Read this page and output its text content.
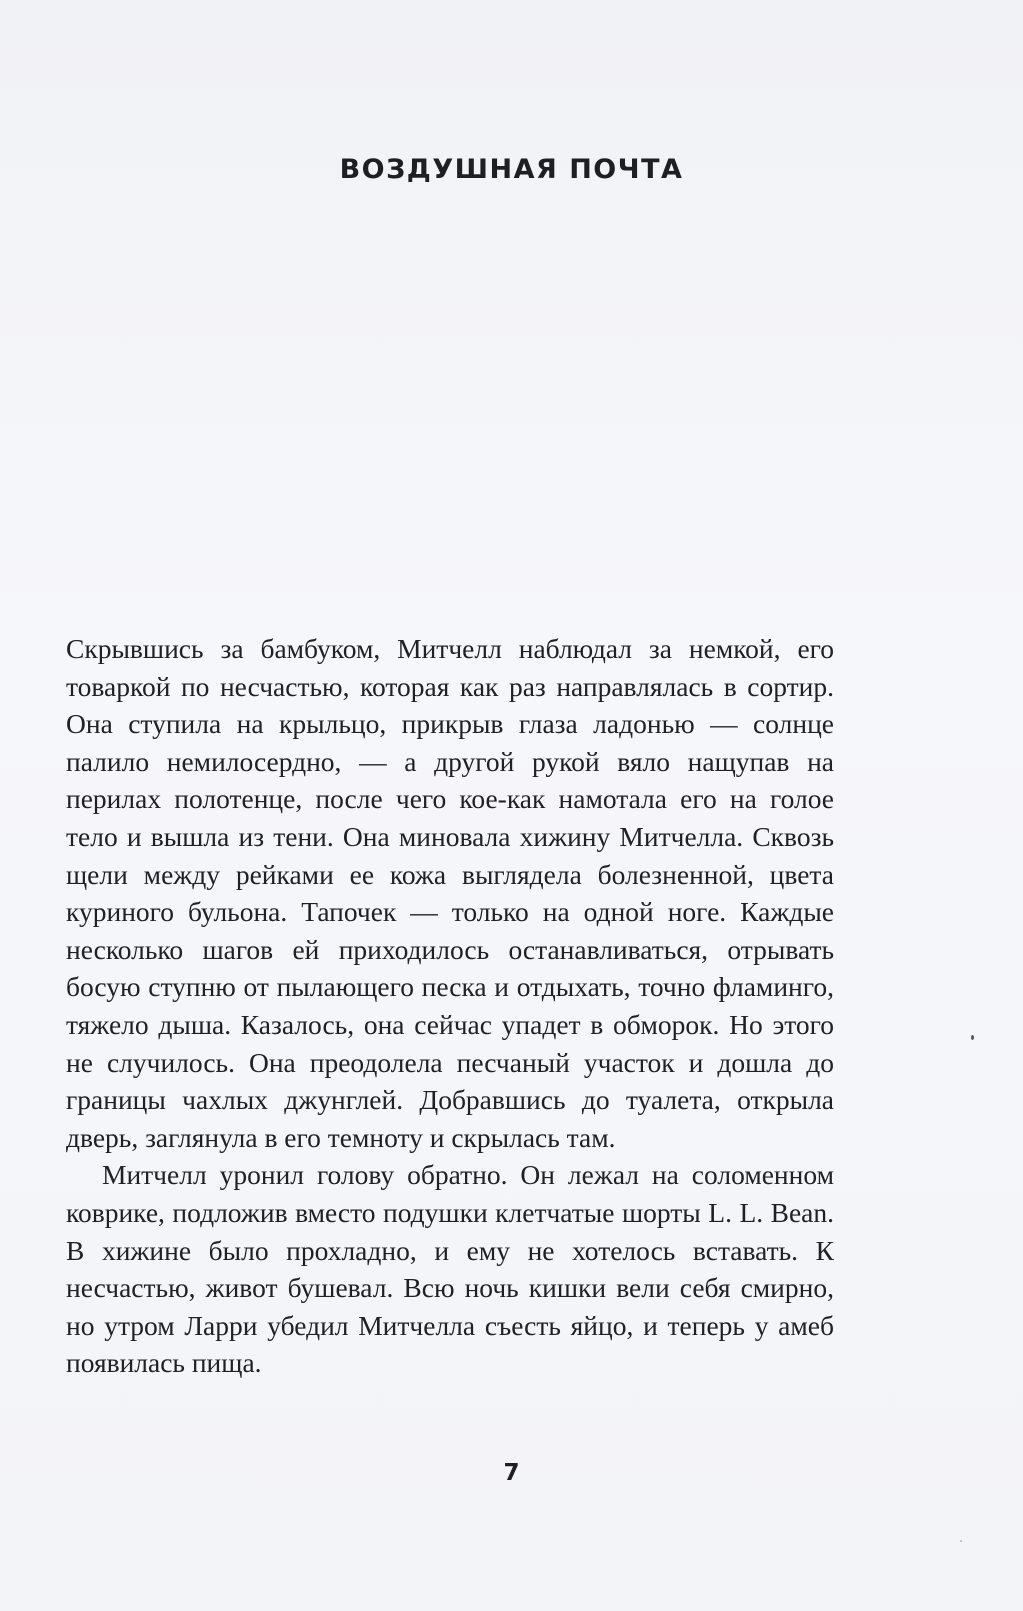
ВОЗДУШНАЯ ПОЧТА

Скрывшись за бамбуком, Митчелл наблюдал за немкой, его товаркой по несчастью, которая как раз направлялась в сортир. Она ступила на крыльцо, прикрыв глаза ладонью — солнце палило немилосердно, — а другой рукой вяло нащупав на перилах полотенце, после чего кое-как намотала его на голое тело и вышла из тени. Она миновала хижину Митчелла. Сквозь щели между рейками ее кожа выглядела болезненной, цвета куриного бульона. Тапочек — только на одной ноге. Каждые несколько шагов ей приходилось останавливаться, отрывать босую ступню от пылающего песка и отдыхать, точно фламинго, тяжело дыша. Казалось, она сейчас упадет в обморок. Но этого не случилось. Она преодолела песчаный участок и дошла до границы чахлых джунглей. Добравшись до туалета, открыла дверь, заглянула в его темноту и скрылась там.

Митчелл уронил голову обратно. Он лежал на соломенном коврике, подложив вместо подушки клетчатые шорты L. L. Bean. В хижине было прохладно, и ему не хотелось вставать. К несчастью, живот бушевал. Всю ночь кишки вели себя смирно, но утром Ларри убедил Митчелла съесть яйцо, и теперь у амеб появилась пища.

7
